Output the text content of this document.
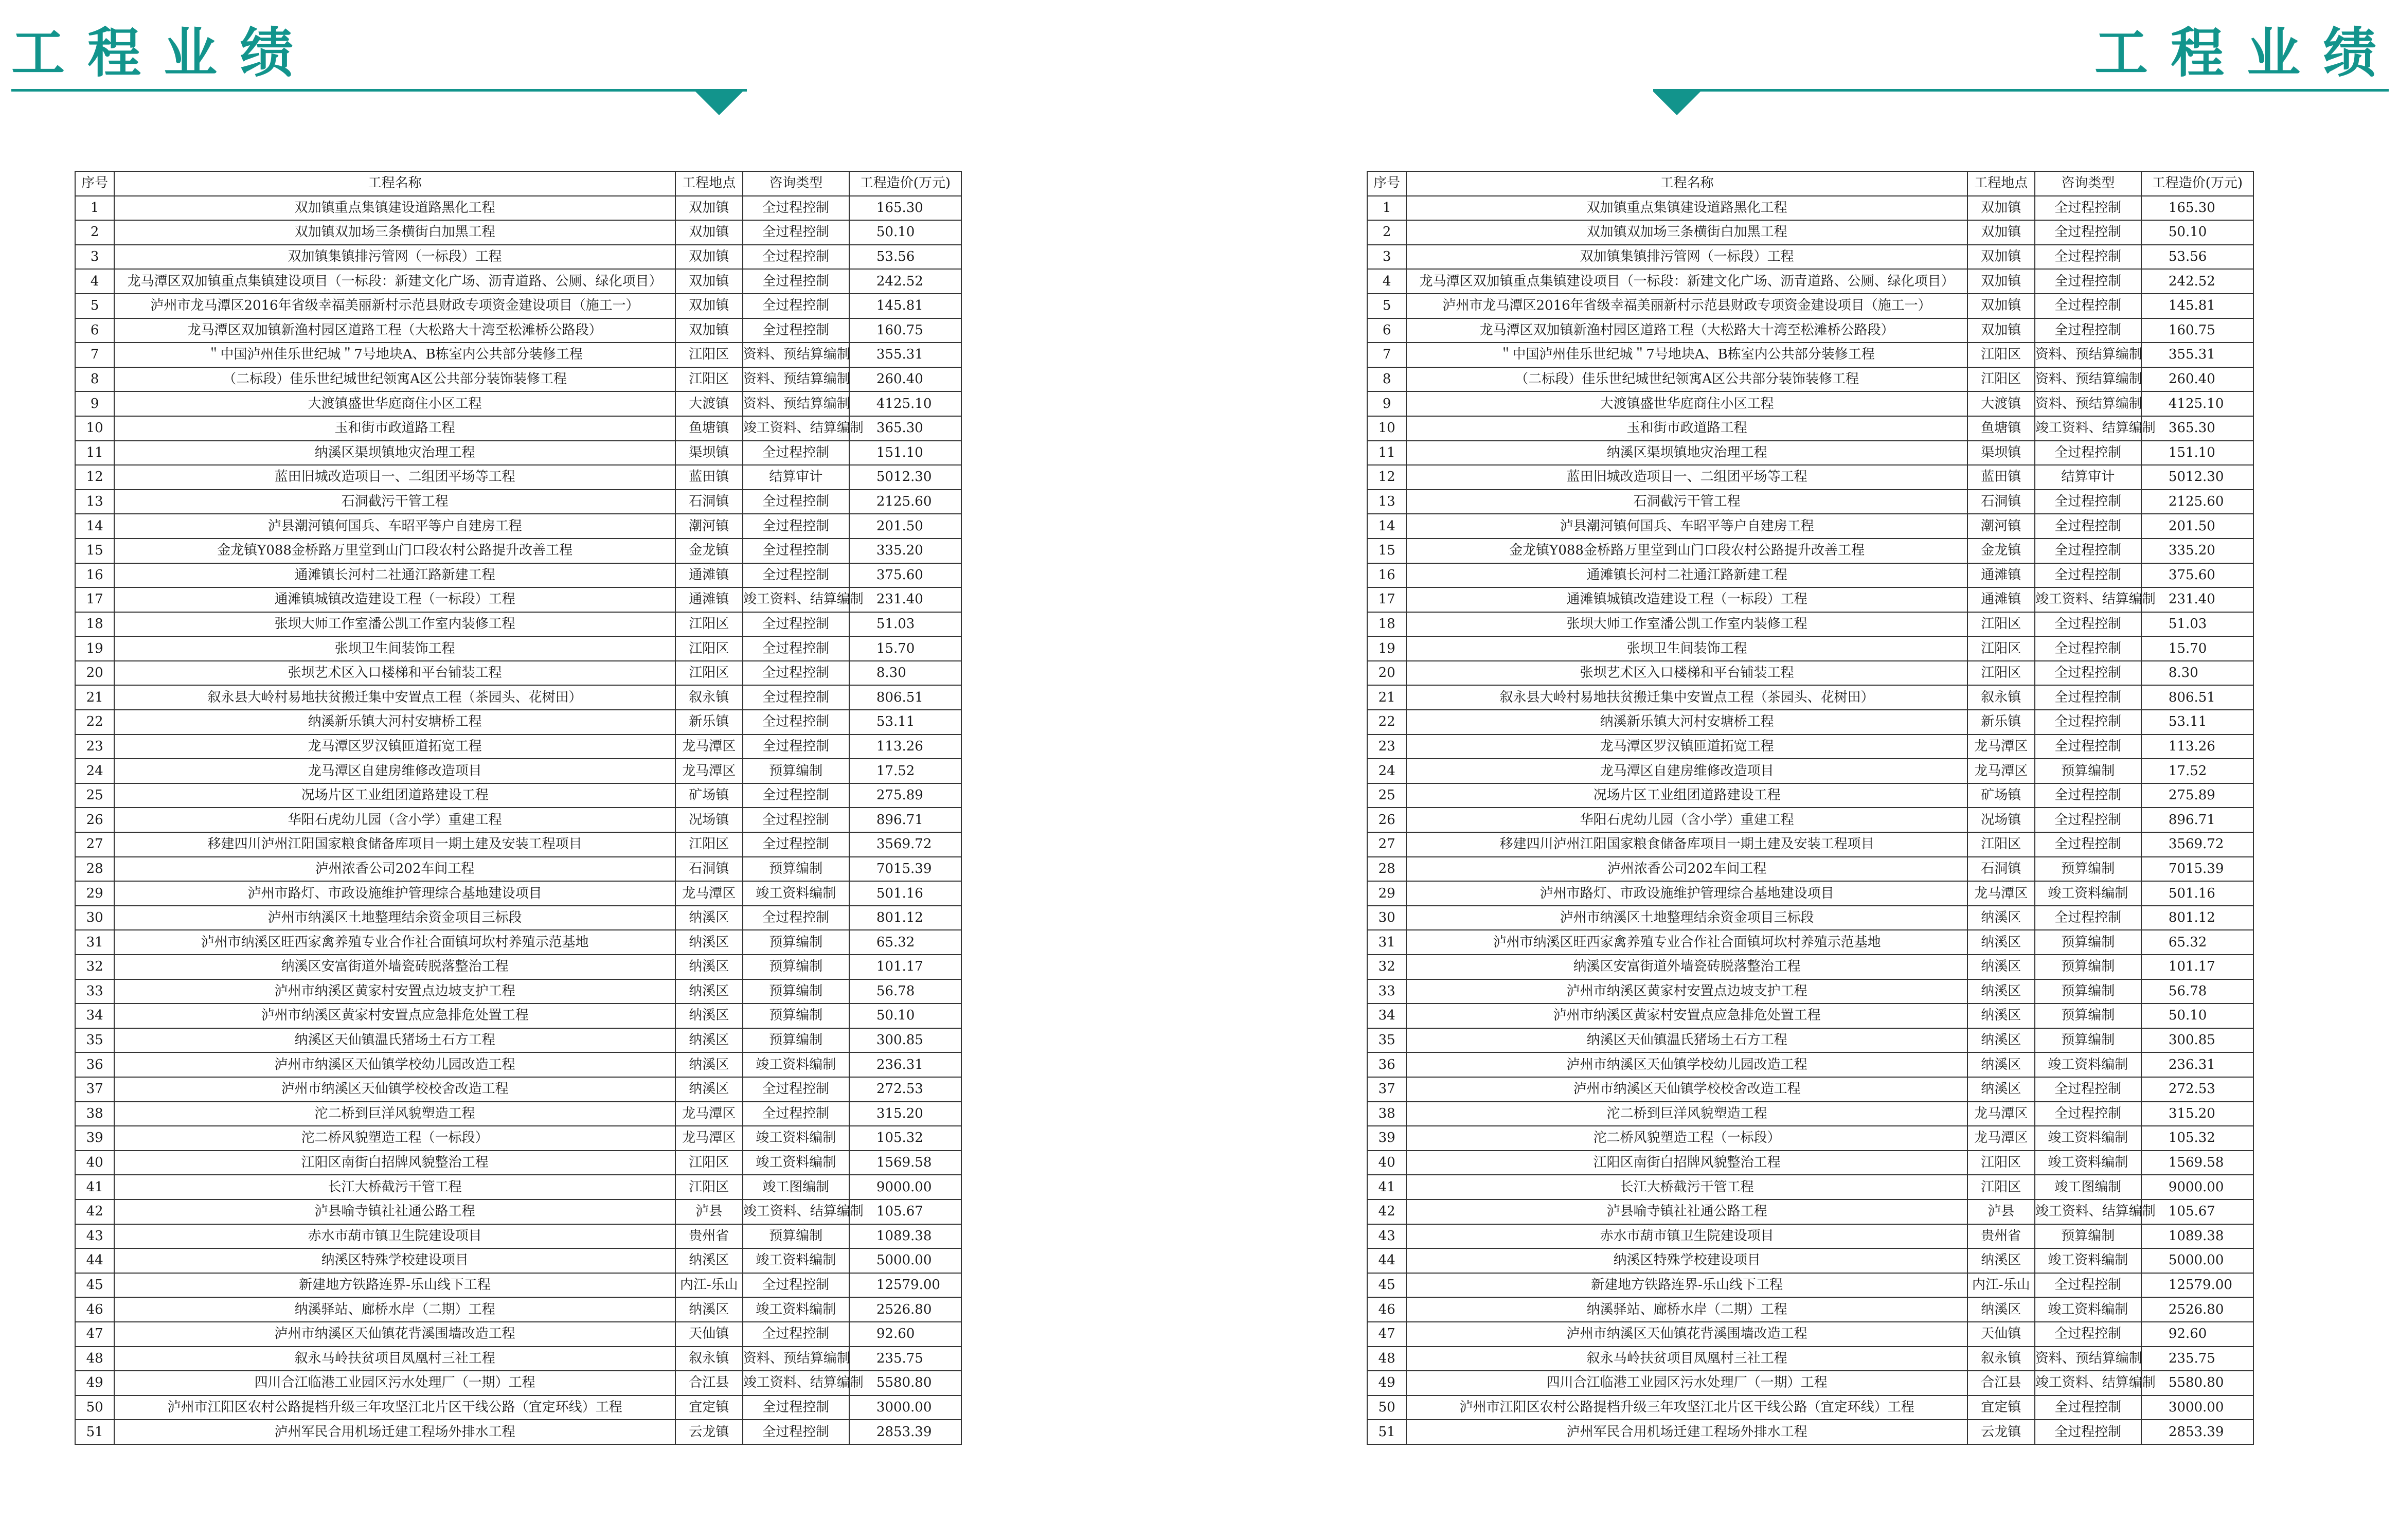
工程业绩	工程业绩
序号	工程名称	工程地点	咨询类型	工程造价(万元)
1	双加镇重点集镇建设道路黑化工程	双加镇	全过程控制	165.30
2	双加镇双加场三条横街白加黑工程	双加镇	全过程控制	50.10
3	双加镇集镇排污管网（一标段）工程	双加镇	全过程控制	53.56
4	龙马潭区双加镇重点集镇建设项目（一标段：新建文化广场、沥青道路、公厕、绿化项目）	双加镇	全过程控制	242.52
5	泸州市龙马潭区2016年省级幸福美丽新村示范县财政专项资金建设项目（施工一）	双加镇	全过程控制	145.81
6	龙马潭区双加镇新渔村园区道路工程（大松路大十湾至松滩桥公路段）	双加镇	全过程控制	160.75
7	＂中国泸州佳乐世纪城＂7号地块A、B栋室内公共部分装修工程	江阳区	资料、预结算编制	355.31
8	（二标段）佳乐世纪城世纪领寓A区公共部分装饰装修工程	江阳区	资料、预结算编制	260.40
9	大渡镇盛世华庭商住小区工程	大渡镇	资料、预结算编制	4125.10
10	玉和街市政道路工程	鱼塘镇	竣工资料、结算编制	365.30
11	纳溪区渠坝镇地灾治理工程	渠坝镇	全过程控制	151.10
12	蓝田旧城改造项目一、二组团平场等工程	蓝田镇	结算审计	5012.30
13	石洞截污干管工程	石洞镇	全过程控制	2125.60
14	泸县潮河镇何国兵、车昭平等户自建房工程	潮河镇	全过程控制	201.50
15	金龙镇Y088金桥路万里堂到山门口段农村公路提升改善工程	金龙镇	全过程控制	335.20
16	通滩镇长河村二社通江路新建工程	通滩镇	全过程控制	375.60
17	通滩镇城镇改造建设工程（一标段）工程	通滩镇	竣工资料、结算编制	231.40
18	张坝大师工作室潘公凯工作室内装修工程	江阳区	全过程控制	51.03
19	张坝卫生间装饰工程	江阳区	全过程控制	15.70
20	张坝艺术区入口楼梯和平台铺装工程	江阳区	全过程控制	8.30
21	叙永县大岭村易地扶贫搬迁集中安置点工程（茶园头、花树田）	叙永镇	全过程控制	806.51
22	纳溪新乐镇大河村安塘桥工程	新乐镇	全过程控制	53.11
23	龙马潭区罗汉镇匝道拓宽工程	龙马潭区	全过程控制	113.26
24	龙马潭区自建房维修改造项目	龙马潭区	预算编制	17.52
25	况场片区工业组团道路建设工程	矿场镇	全过程控制	275.89
26	华阳石虎幼儿园（含小学）重建工程	况场镇	全过程控制	896.71
27	移建四川泸州江阳国家粮食储备库项目一期土建及安装工程项目	江阳区	全过程控制	3569.72
28	泸州浓香公司202车间工程	石洞镇	预算编制	7015.39
29	泸州市路灯、市政设施维护管理综合基地建设项目	龙马潭区	竣工资料编制	501.16
30	泸州市纳溪区土地整理结余资金项目三标段	纳溪区	全过程控制	801.12
31	泸州市纳溪区旺西家禽养殖专业合作社合面镇坷坎村养殖示范基地	纳溪区	预算编制	65.32
32	纳溪区安富街道外墙瓷砖脱落整治工程	纳溪区	预算编制	101.17
33	泸州市纳溪区黄家村安置点边坡支护工程	纳溪区	预算编制	56.78
34	泸州市纳溪区黄家村安置点应急排危处置工程	纳溪区	预算编制	50.10
35	纳溪区天仙镇温氏猪场土石方工程	纳溪区	预算编制	300.85
36	泸州市纳溪区天仙镇学校幼儿园改造工程	纳溪区	竣工资料编制	236.31
37	泸州市纳溪区天仙镇学校校舍改造工程	纳溪区	全过程控制	272.53
38	沱二桥到巨洋风貌塑造工程	龙马潭区	全过程控制	315.20
39	沱二桥风貌塑造工程（一标段）	龙马潭区	竣工资料编制	105.32
40	江阳区南街白招牌风貌整治工程	江阳区	竣工资料编制	1569.58
41	长江大桥截污干管工程	江阳区	竣工图编制	9000.00
42	泸县喻寺镇社社通公路工程	泸县	竣工资料、结算编制	105.67
43	赤水市葫市镇卫生院建设项目	贵州省	预算编制	1089.38
44	纳溪区特殊学校建设项目	纳溪区	竣工资料编制	5000.00
45	新建地方铁路连界-乐山线下工程	内江-乐山	全过程控制	12579.00
46	纳溪驿站、廊桥水岸（二期）工程	纳溪区	竣工资料编制	2526.80
47	泸州市纳溪区天仙镇花背溪围墙改造工程	天仙镇	全过程控制	92.60
48	叙永马岭扶贫项目凤凰村三社工程	叙永镇	资料、预结算编制	235.75
49	四川合江临港工业园区污水处理厂（一期）工程	合江县	竣工资料、结算编制	5580.80
50	泸州市江阳区农村公路提档升级三年攻坚江北片区干线公路（宜定环线）工程	宜定镇	全过程控制	3000.00
51	泸州军民合用机场迁建工程场外排水工程	云龙镇	全过程控制	2853.39
序号	工程名称	工程地点	咨询类型	工程造价(万元)
1	双加镇重点集镇建设道路黑化工程	双加镇	全过程控制	165.30
2	双加镇双加场三条横街白加黑工程	双加镇	全过程控制	50.10
3	双加镇集镇排污管网（一标段）工程	双加镇	全过程控制	53.56
4	龙马潭区双加镇重点集镇建设项目（一标段：新建文化广场、沥青道路、公厕、绿化项目）	双加镇	全过程控制	242.52
5	泸州市龙马潭区2016年省级幸福美丽新村示范县财政专项资金建设项目（施工一）	双加镇	全过程控制	145.81
6	龙马潭区双加镇新渔村园区道路工程（大松路大十湾至松滩桥公路段）	双加镇	全过程控制	160.75
7	＂中国泸州佳乐世纪城＂7号地块A、B栋室内公共部分装修工程	江阳区	资料、预结算编制	355.31
8	（二标段）佳乐世纪城世纪领寓A区公共部分装饰装修工程	江阳区	资料、预结算编制	260.40
9	大渡镇盛世华庭商住小区工程	大渡镇	资料、预结算编制	4125.10
10	玉和街市政道路工程	鱼塘镇	竣工资料、结算编制	365.30
11	纳溪区渠坝镇地灾治理工程	渠坝镇	全过程控制	151.10
12	蓝田旧城改造项目一、二组团平场等工程	蓝田镇	结算审计	5012.30
13	石洞截污干管工程	石洞镇	全过程控制	2125.60
14	泸县潮河镇何国兵、车昭平等户自建房工程	潮河镇	全过程控制	201.50
15	金龙镇Y088金桥路万里堂到山门口段农村公路提升改善工程	金龙镇	全过程控制	335.20
16	通滩镇长河村二社通江路新建工程	通滩镇	全过程控制	375.60
17	通滩镇城镇改造建设工程（一标段）工程	通滩镇	竣工资料、结算编制	231.40
18	张坝大师工作室潘公凯工作室内装修工程	江阳区	全过程控制	51.03
19	张坝卫生间装饰工程	江阳区	全过程控制	15.70
20	张坝艺术区入口楼梯和平台铺装工程	江阳区	全过程控制	8.30
21	叙永县大岭村易地扶贫搬迁集中安置点工程（茶园头、花树田）	叙永镇	全过程控制	806.51
22	纳溪新乐镇大河村安塘桥工程	新乐镇	全过程控制	53.11
23	龙马潭区罗汉镇匝道拓宽工程	龙马潭区	全过程控制	113.26
24	龙马潭区自建房维修改造项目	龙马潭区	预算编制	17.52
25	况场片区工业组团道路建设工程	矿场镇	全过程控制	275.89
26	华阳石虎幼儿园（含小学）重建工程	况场镇	全过程控制	896.71
27	移建四川泸州江阳国家粮食储备库项目一期土建及安装工程项目	江阳区	全过程控制	3569.72
28	泸州浓香公司202车间工程	石洞镇	预算编制	7015.39
29	泸州市路灯、市政设施维护管理综合基地建设项目	龙马潭区	竣工资料编制	501.16
30	泸州市纳溪区土地整理结余资金项目三标段	纳溪区	全过程控制	801.12
31	泸州市纳溪区旺西家禽养殖专业合作社合面镇坷坎村养殖示范基地	纳溪区	预算编制	65.32
32	纳溪区安富街道外墙瓷砖脱落整治工程	纳溪区	预算编制	101.17
33	泸州市纳溪区黄家村安置点边坡支护工程	纳溪区	预算编制	56.78
34	泸州市纳溪区黄家村安置点应急排危处置工程	纳溪区	预算编制	50.10
35	纳溪区天仙镇温氏猪场土石方工程	纳溪区	预算编制	300.85
36	泸州市纳溪区天仙镇学校幼儿园改造工程	纳溪区	竣工资料编制	236.31
37	泸州市纳溪区天仙镇学校校舍改造工程	纳溪区	全过程控制	272.53
38	沱二桥到巨洋风貌塑造工程	龙马潭区	全过程控制	315.20
39	沱二桥风貌塑造工程（一标段）	龙马潭区	竣工资料编制	105.32
40	江阳区南街白招牌风貌整治工程	江阳区	竣工资料编制	1569.58
41	长江大桥截污干管工程	江阳区	竣工图编制	9000.00
42	泸县喻寺镇社社通公路工程	泸县	竣工资料、结算编制	105.67
43	赤水市葫市镇卫生院建设项目	贵州省	预算编制	1089.38
44	纳溪区特殊学校建设项目	纳溪区	竣工资料编制	5000.00
45	新建地方铁路连界-乐山线下工程	内江-乐山	全过程控制	12579.00
46	纳溪驿站、廊桥水岸（二期）工程	纳溪区	竣工资料编制	2526.80
47	泸州市纳溪区天仙镇花背溪围墙改造工程	天仙镇	全过程控制	92.60
48	叙永马岭扶贫项目凤凰村三社工程	叙永镇	资料、预结算编制	235.75
49	四川合江临港工业园区污水处理厂（一期）工程	合江县	竣工资料、结算编制	5580.80
50	泸州市江阳区农村公路提档升级三年攻坚江北片区干线公路（宜定环线）工程	宜定镇	全过程控制	3000.00
51	泸州军民合用机场迁建工程场外排水工程	云龙镇	全过程控制	2853.39
